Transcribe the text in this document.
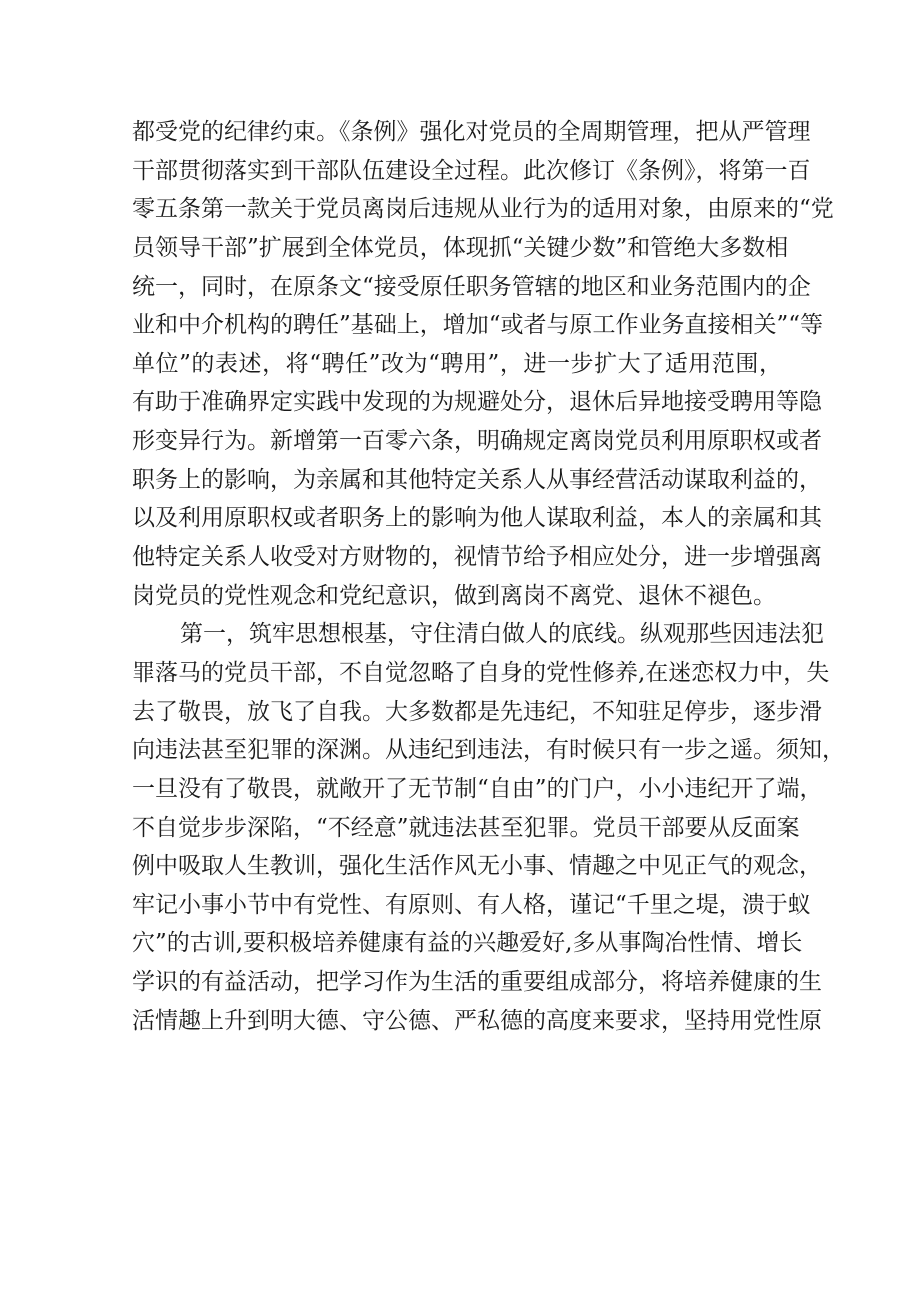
都受党的纪律约束。《条例》强化对党员的全周期管理，把从严管理
干部贯彻落实到干部队伍建设全过程。此次修订《条例》，将第一百
零五条第一款关于党员离岗后违规从业行为的适用对象，由原来的“党
员领导干部”扩展到全体党员，体现抓“关键少数”和管绝大多数相
统一，同时，在原条文“接受原任职务管辖的地区和业务范围内的企
业和中介机构的聘任”基础上，增加“或者与原工作业务直接相关”“等
单位”的表述，将“聘任”改为“聘用”，进一步扩大了适用范围，
有助于准确界定实践中发现的为规避处分，退休后异地接受聘用等隐
形变异行为。新增第一百零六条，明确规定离岗党员利用原职权或者
职务上的影响，为亲属和其他特定关系人从事经营活动谋取利益的，
以及利用原职权或者职务上的影响为他人谋取利益，本人的亲属和其
他特定关系人收受对方财物的，视情节给予相应处分，进一步增强离
岗党员的党性观念和党纪意识，做到离岗不离党、退休不褪色。
第一，筑牢思想根基，守住清白做人的底线。纵观那些因违法犯
罪落马的党员干部，不自觉忽略了自身的党性修养,在迷恋权力中，失
去了敬畏，放飞了自我。大多数都是先违纪，不知驻足停步，逐步滑
向违法甚至犯罪的深渊。从违纪到违法，有时候只有一步之遥。须知，
一旦没有了敬畏，就敞开了无节制“自由”的门户，小小违纪开了端，
不自觉步步深陷，“不经意”就违法甚至犯罪。党员干部要从反面案
例中吸取人生教训，强化生活作风无小事、情趣之中见正气的观念，
牢记小事小节中有党性、有原则、有人格，谨记“千里之堤，溃于蚁
穴”的古训,要积极培养健康有益的兴趣爱好,多从事陶冶性情、增长
学识的有益活动，把学习作为生活的重要组成部分，将培养健康的生
活情趣上升到明大德、守公德、严私德的高度来要求，坚持用党性原
